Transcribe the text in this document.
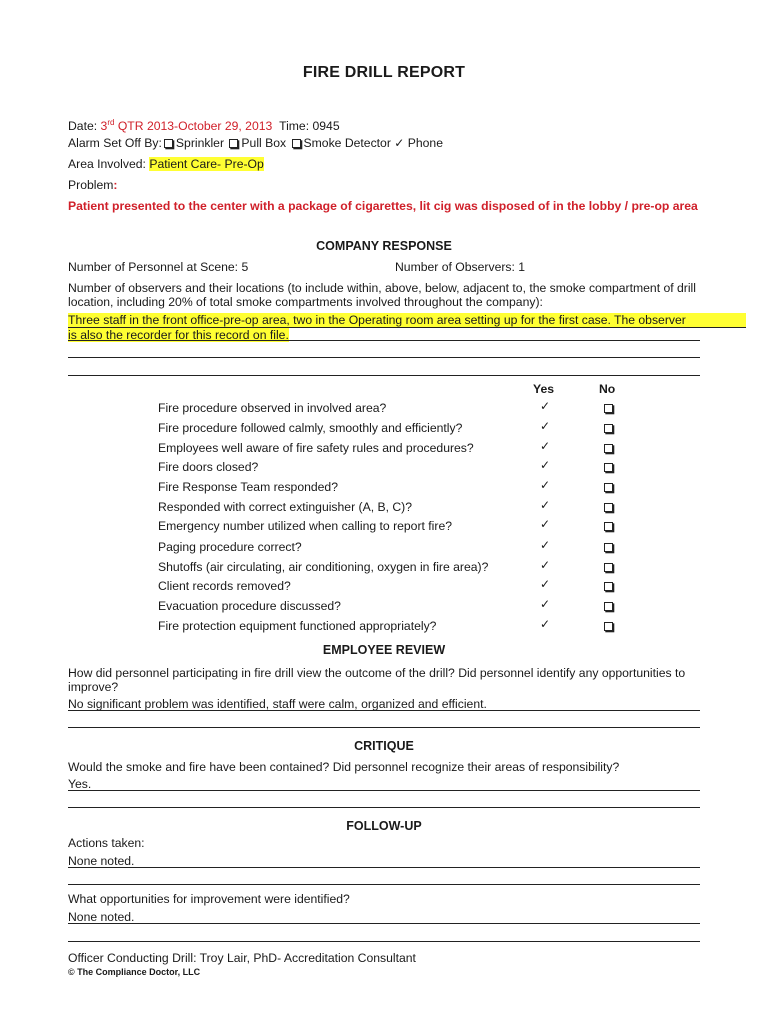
FIRE DRILL REPORT
Date: 3rd QTR 2013-October 29, 2013 Time: 0945
Alarm Set Off By: Sprinkler Pull Box Smoke Detector ✓ Phone
Area Involved: Patient Care- Pre-Op
Problem:
Patient presented to the center with a package of cigarettes, lit cig was disposed of in the lobby / pre-op area
COMPANY RESPONSE
Number of Personnel at Scene: 5	Number of Observers: 1
Number of observers and their locations (to include within, above, below, adjacent to, the smoke compartment of drill location, including 20% of total smoke compartments involved throughout the company):
Three staff in the front office-pre-op area, two in the Operating room area setting up for the first case. The observer
is also the recorder for this record on file.
Yes	No
Fire procedure observed in involved area?
Fire procedure followed calmly, smoothly and efficiently?
Employees well aware of fire safety rules and procedures?
Fire doors closed?
Fire Response Team responded?
Responded with correct extinguisher (A, B, C)?
Emergency number utilized when calling to report fire?
Paging procedure correct?
Shutoffs (air circulating, air conditioning, oxygen in fire area)?
Client records removed?
Evacuation procedure discussed?
Fire protection equipment functioned appropriately?
✓
✓
✓
✓
✓
✓
✓
✓
✓
✓
✓
✓
EMPLOYEE REVIEW
How did personnel participating in fire drill view the outcome of the drill? Did personnel identify any opportunities to improve?
No significant problem was identified, staff were calm, organized and efficient.
CRITIQUE
Would the smoke and fire have been contained? Did personnel recognize their areas of responsibility?
Yes.
FOLLOW-UP
Actions taken:
None noted.
What opportunities for improvement were identified?
None noted.
Officer Conducting Drill: Troy Lair, PhD- Accreditation Consultant
© The Compliance Doctor, LLC
